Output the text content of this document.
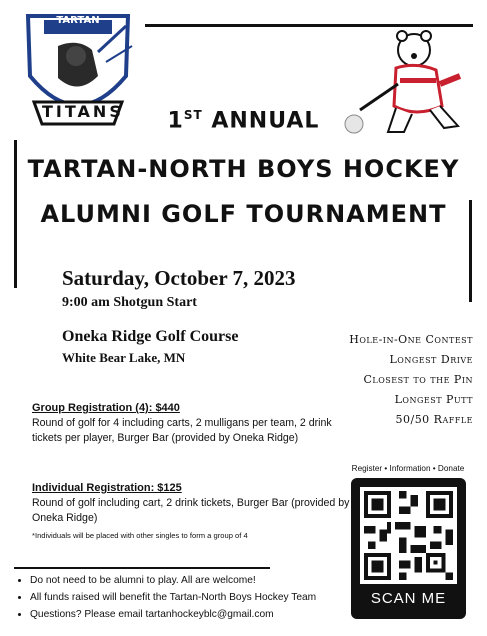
TARTAN
TITANS	1ST ANNUAL
TARTAN-NORTH BOYS HOCKEY
ALUMNI GOLF TOURNAMENT
Saturday, October 7, 2023
9:00 am Shotgun Start
Oneka Ridge Golf Course
White Bear Lake, MN
Hole-in-One Contest
Longest Drive
Closest to the Pin
Longest Putt
50/50 Raffle
Group Registration (4): $440
Round of golf for 4 including carts, 2 mulligans per team, 2 drink tickets per player, Burger Bar (provided by Oneka Ridge)
Individual Registration: $125
Round of golf including cart, 2 drink tickets, Burger Bar (provided by Oneka Ridge)
*Individuals will be placed with other singles to form a group of 4
Register • Information • Donate
SCAN ME
• Do not need to be alumni to play. All are welcome!
• All funds raised will benefit the Tartan-North Boys Hockey Team
• Questions? Please email tartanhockeyblc@gmail.com
